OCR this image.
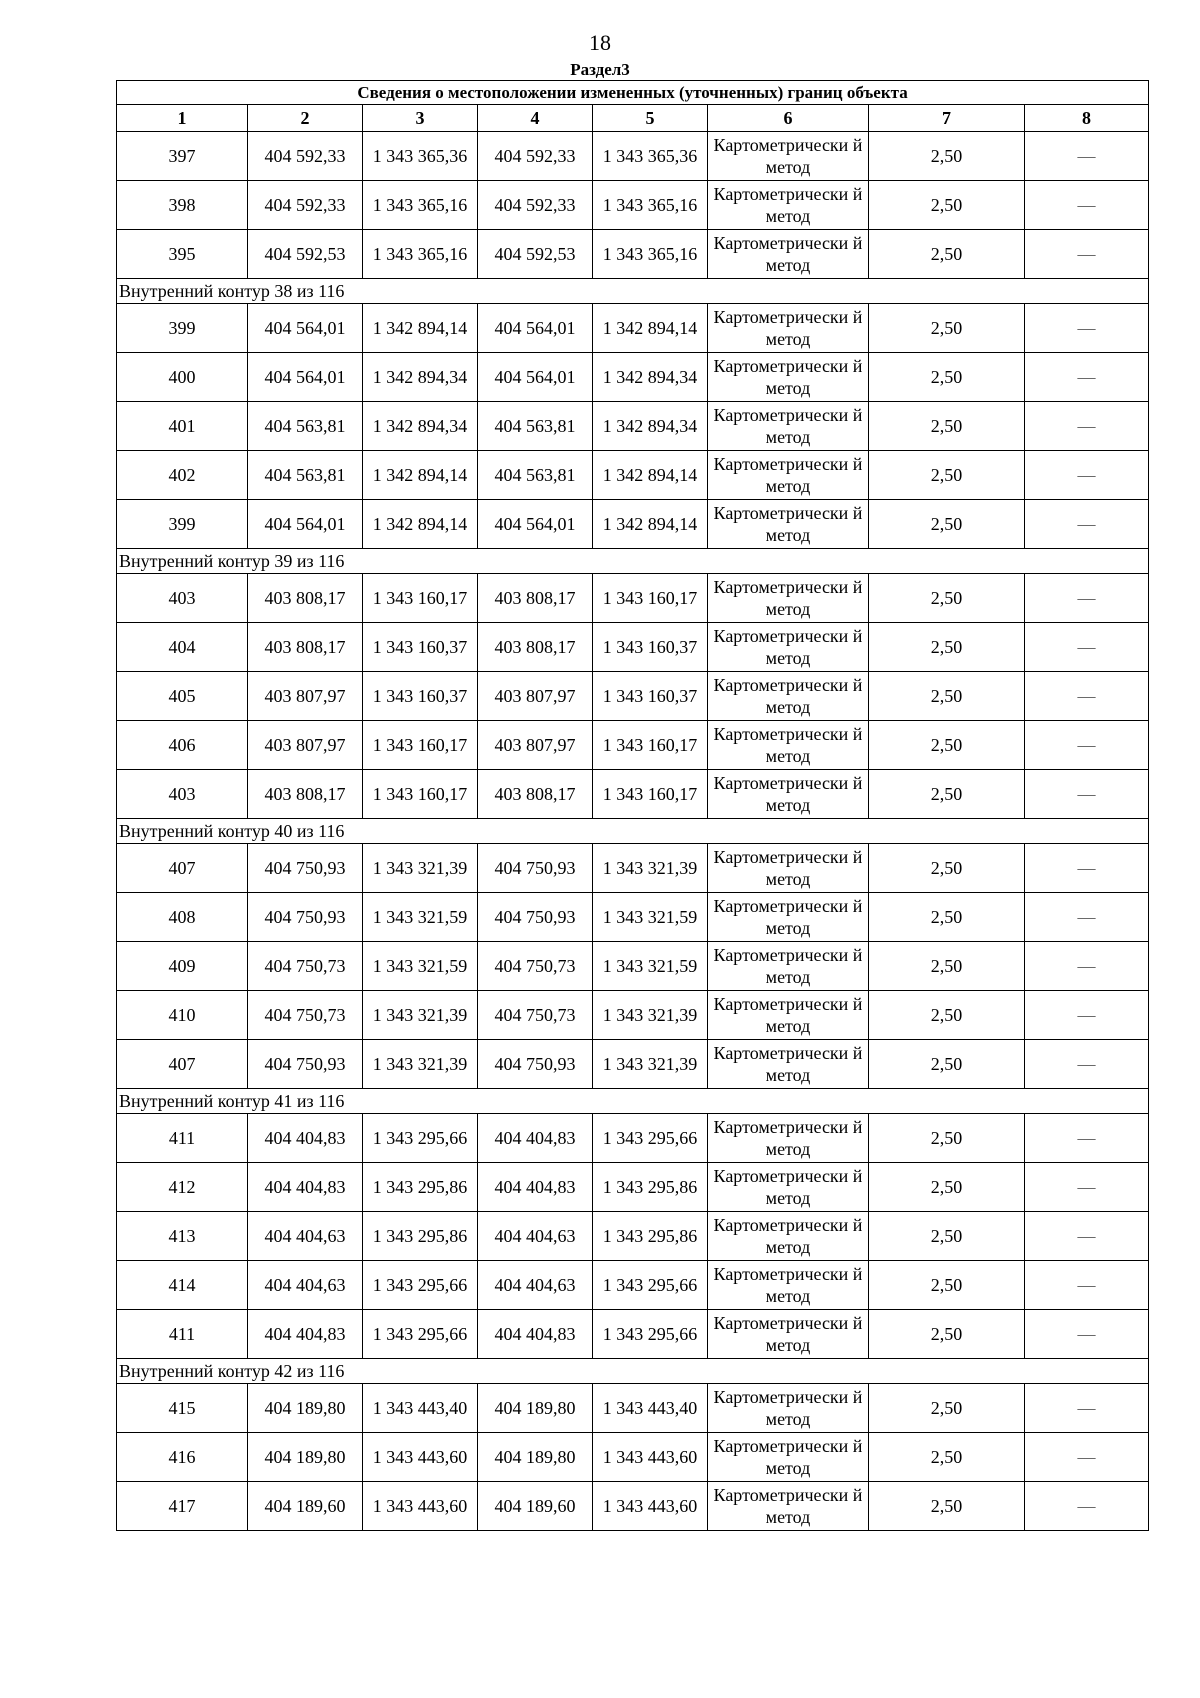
18
Раздел3
Сведения о местоположении измененных (уточненных) границ объекта							
1	2	3	4	5	6	7	8
397	404 592,33	1 343 365,36	404 592,33	1 343 365,36	Картометрически й метод	2,50	—
398	404 592,33	1 343 365,16	404 592,33	1 343 365,16	Картометрически й метод	2,50	—
395	404 592,53	1 343 365,16	404 592,53	1 343 365,16	Картометрически й метод	2,50	—
Внутренний контур 38 из 116							
399	404 564,01	1 342 894,14	404 564,01	1 342 894,14	Картометрически й метод	2,50	—
400	404 564,01	1 342 894,34	404 564,01	1 342 894,34	Картометрически й метод	2,50	—
401	404 563,81	1 342 894,34	404 563,81	1 342 894,34	Картометрически й метод	2,50	—
402	404 563,81	1 342 894,14	404 563,81	1 342 894,14	Картометрически й метод	2,50	—
399	404 564,01	1 342 894,14	404 564,01	1 342 894,14	Картометрически й метод	2,50	—
Внутренний контур 39 из 116							
403	403 808,17	1 343 160,17	403 808,17	1 343 160,17	Картометрически й метод	2,50	—
404	403 808,17	1 343 160,37	403 808,17	1 343 160,37	Картометрически й метод	2,50	—
405	403 807,97	1 343 160,37	403 807,97	1 343 160,37	Картометрически й метод	2,50	—
406	403 807,97	1 343 160,17	403 807,97	1 343 160,17	Картометрически й метод	2,50	—
403	403 808,17	1 343 160,17	403 808,17	1 343 160,17	Картометрически й метод	2,50	—
Внутренний контур 40 из 116							
407	404 750,93	1 343 321,39	404 750,93	1 343 321,39	Картометрически й метод	2,50	—
408	404 750,93	1 343 321,59	404 750,93	1 343 321,59	Картометрически й метод	2,50	—
409	404 750,73	1 343 321,59	404 750,73	1 343 321,59	Картометрически й метод	2,50	—
410	404 750,73	1 343 321,39	404 750,73	1 343 321,39	Картометрически й метод	2,50	—
407	404 750,93	1 343 321,39	404 750,93	1 343 321,39	Картометрически й метод	2,50	—
Внутренний контур 41 из 116							
411	404 404,83	1 343 295,66	404 404,83	1 343 295,66	Картометрически й метод	2,50	—
412	404 404,83	1 343 295,86	404 404,83	1 343 295,86	Картометрически й метод	2,50	—
413	404 404,63	1 343 295,86	404 404,63	1 343 295,86	Картометрически й метод	2,50	—
414	404 404,63	1 343 295,66	404 404,63	1 343 295,66	Картометрически й метод	2,50	—
411	404 404,83	1 343 295,66	404 404,83	1 343 295,66	Картометрически й метод	2,50	—
Внутренний контур 42 из 116							
415	404 189,80	1 343 443,40	404 189,80	1 343 443,40	Картометрически й метод	2,50	—
416	404 189,80	1 343 443,60	404 189,80	1 343 443,60	Картометрически й метод	2,50	—
417	404 189,60	1 343 443,60	404 189,60	1 343 443,60	Картометрически й метод	2,50	—
